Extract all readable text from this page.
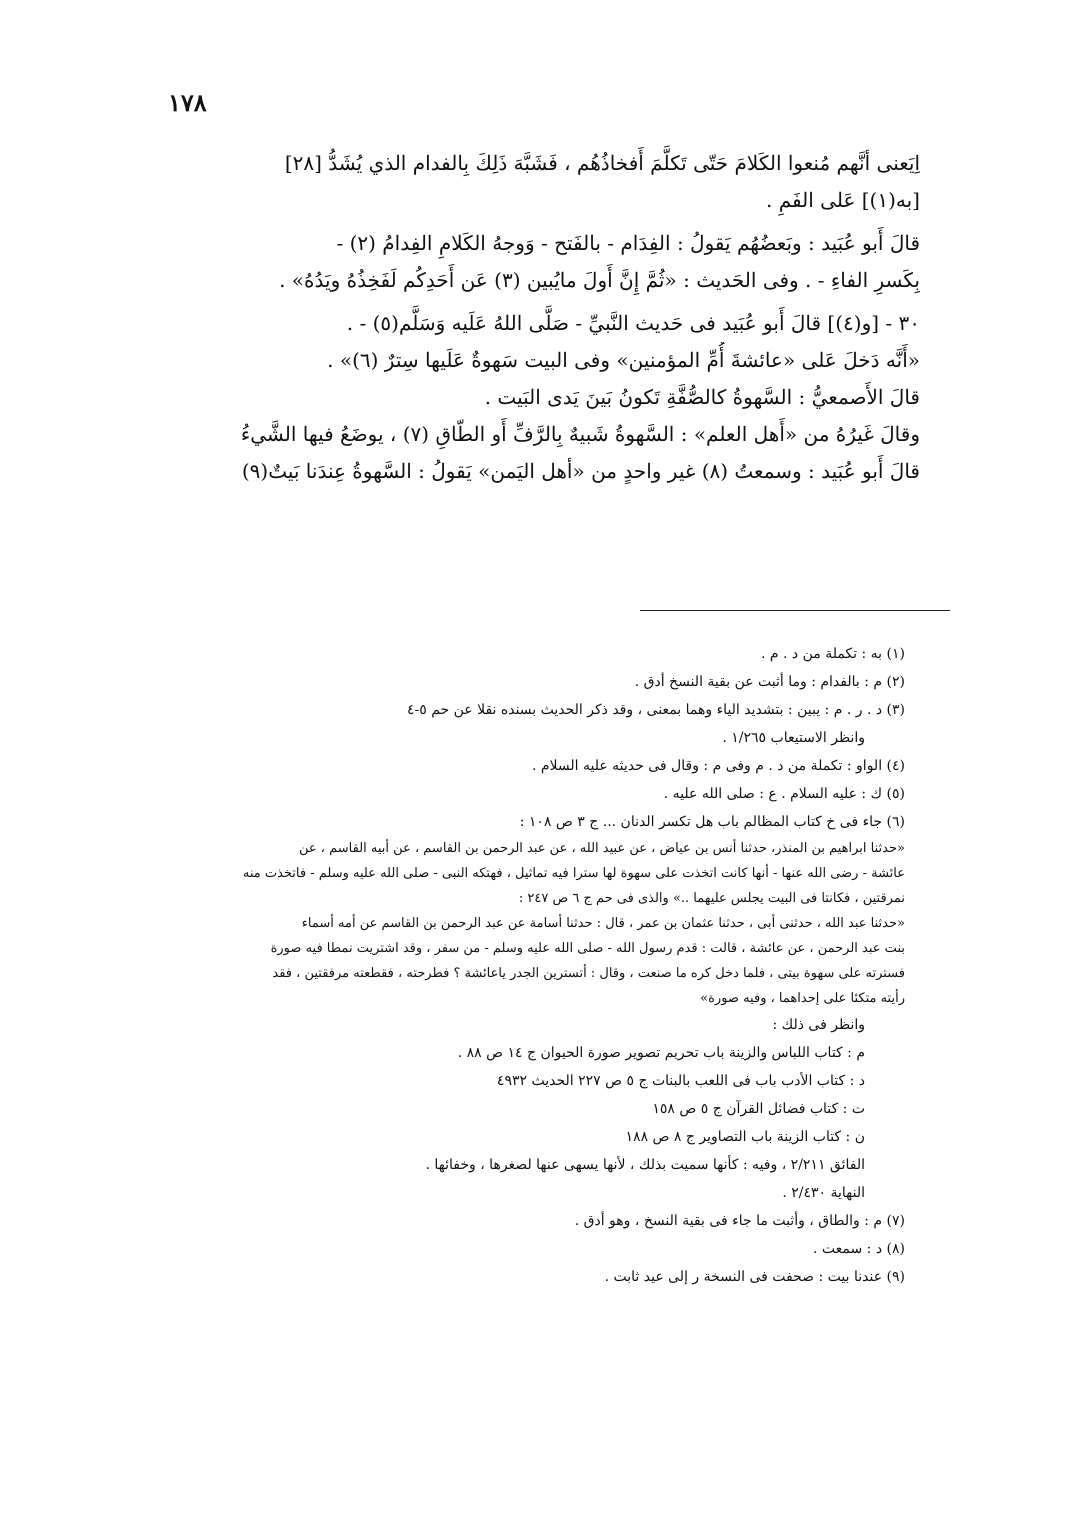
١٧٨
اِيَعنى أنَّهم مُنعوا الكَلامَ حَتّى تَكلَّمَ أَفخاذُهُم ، فَشَبَّهَ ذَلِكَ بِالفدام الذي يُشَدُّ [٢٨]
[به(١)] عَلى الفَمِ .
قالَ أَبو عُبَيد : وبَعضُهُم يَقولُ : الفِدَام - بالفَتح - وَوجهُ الكَلامِ الفِدامُ (٢) -
بِكَسرِ الفاءِ - . وفى الحَديث : «ثُمَّ إِنَّ أَولَ مايُبين (٣) عَن أَحَدِكُم لَفَخِذُهُ ويَدُهُ» .
٣٠ - [و(٤)] قالَ أَبو عُبَيد فى حَديث النَّبيِّ - صَلَّى اللهُ عَلَيه وَسَلَّم(٥) - .
«أَنَّه دَخلَ عَلى «عائشةَ أُمِّ المؤمنين» وفى البيت سَهوةٌ عَلَيها سِترٌ (٦)» .
قالَ الأَصمعيُّ : السَّهوةُ كالصُّفَّةِ تَكونُ بَينَ يَدى البَيت .
وقالَ غَيرُهُ من «أَهل العلم» : السَّهوةُ شَبيهٌ بِالرَّفِّ أَو الطّاقِ (٧) ، يوضَعُ فيها الشَّيءُ
قالَ أَبو عُبَيد : وسمعتُ (٨) غير واحدٍ من «أهل اليَمن» يَقولُ : السَّهوةُ عِندَنا بَيتٌ(٩)
(١) به : تكملة من د . م .
(٢) م : بالفدام : وما أثبت عن بقية النسخ أدق .
(٣) د . ر . م : يبين : بتشديد الياء وهما بمعنى ، وقد ذكر الحديث بسنده نقلا عن حم ٥-٤
وانظر الاستيعاب ١/٢٦٥ .
(٤) الواو : تكملة من د . م وفى م : وقال فى حديثه عليه السلام .
(٥) ك : عليه السلام . ع : صلى الله عليه .
(٦) جاء فى خ كتاب المظالم باب هل تكسر الدنان ... ج ٣ ص ١٠٨ :
«حدثنا ابراهيم بن المنذر، حدثنا أنس بن عياض ، عن عبيد الله ، عن عبد الرحمن بن القاسم ، عن أبيه القاسم ، عن
عائشة - رضى الله عنها - أنها كانت اتخذت على سهوة لها سترا فيه تماثيل ، فهتكه النبى - صلى الله عليه وسلم - فاتخذت منه
نمرقتين ، فكانتا فى البيت يجلس عليهما ..» والذى فى حم ج ٦ ص ٢٤٧ :
«حدثنا عبد الله ، حدثنى أبى ، حدثنا عثمان بن عمر ، قال : حدثنا أسامة عن عبد الرحمن بن القاسم عن أمه أسماء
بنت عبد الرحمن ، عن عائشة ، قالت : قدم رسول الله - صلى الله عليه وسلم - من سفر ، وقد اشتريت نمطا فيه صورة
فسترته على سهوة بيتى ، فلما دخل كره ما صنعت ، وقال : أتسترين الجدر ياعائشة ؟ فطرحته ، فقطعته مرفقتين ، فقد
رأيته متكئا على إحداهما ، وفيه صورة»
وانظر فى ذلك :
م : كتاب اللباس والزينة باب تحريم تصوير صورة الحيوان ج ١٤ ص ٨٨ .
د : كتاب الأدب باب فى اللعب بالبنات ج ٥ ص ٢٢٧ الحديث ٤٩٣٢
ت : كتاب فضائل القرآن ج ٥ ص ١٥٨
ن : كتاب الزينة باب التصاوير ج ٨ ص ١٨٨
الفائق ٢/٢١١ ، وفيه : كأنها سميت بذلك ، لأنها يسهى عنها لصغرها ، وخفائها .
النهاية ٢/٤٣٠ .
(٧) م : والطاق ، وأثبت ما جاء فى بقية النسخ ، وهو أدق .
(٨) د : سمعت .
(٩) عندنا بيت : صحفت فى النسخة ر إلى عيد ثابت .
